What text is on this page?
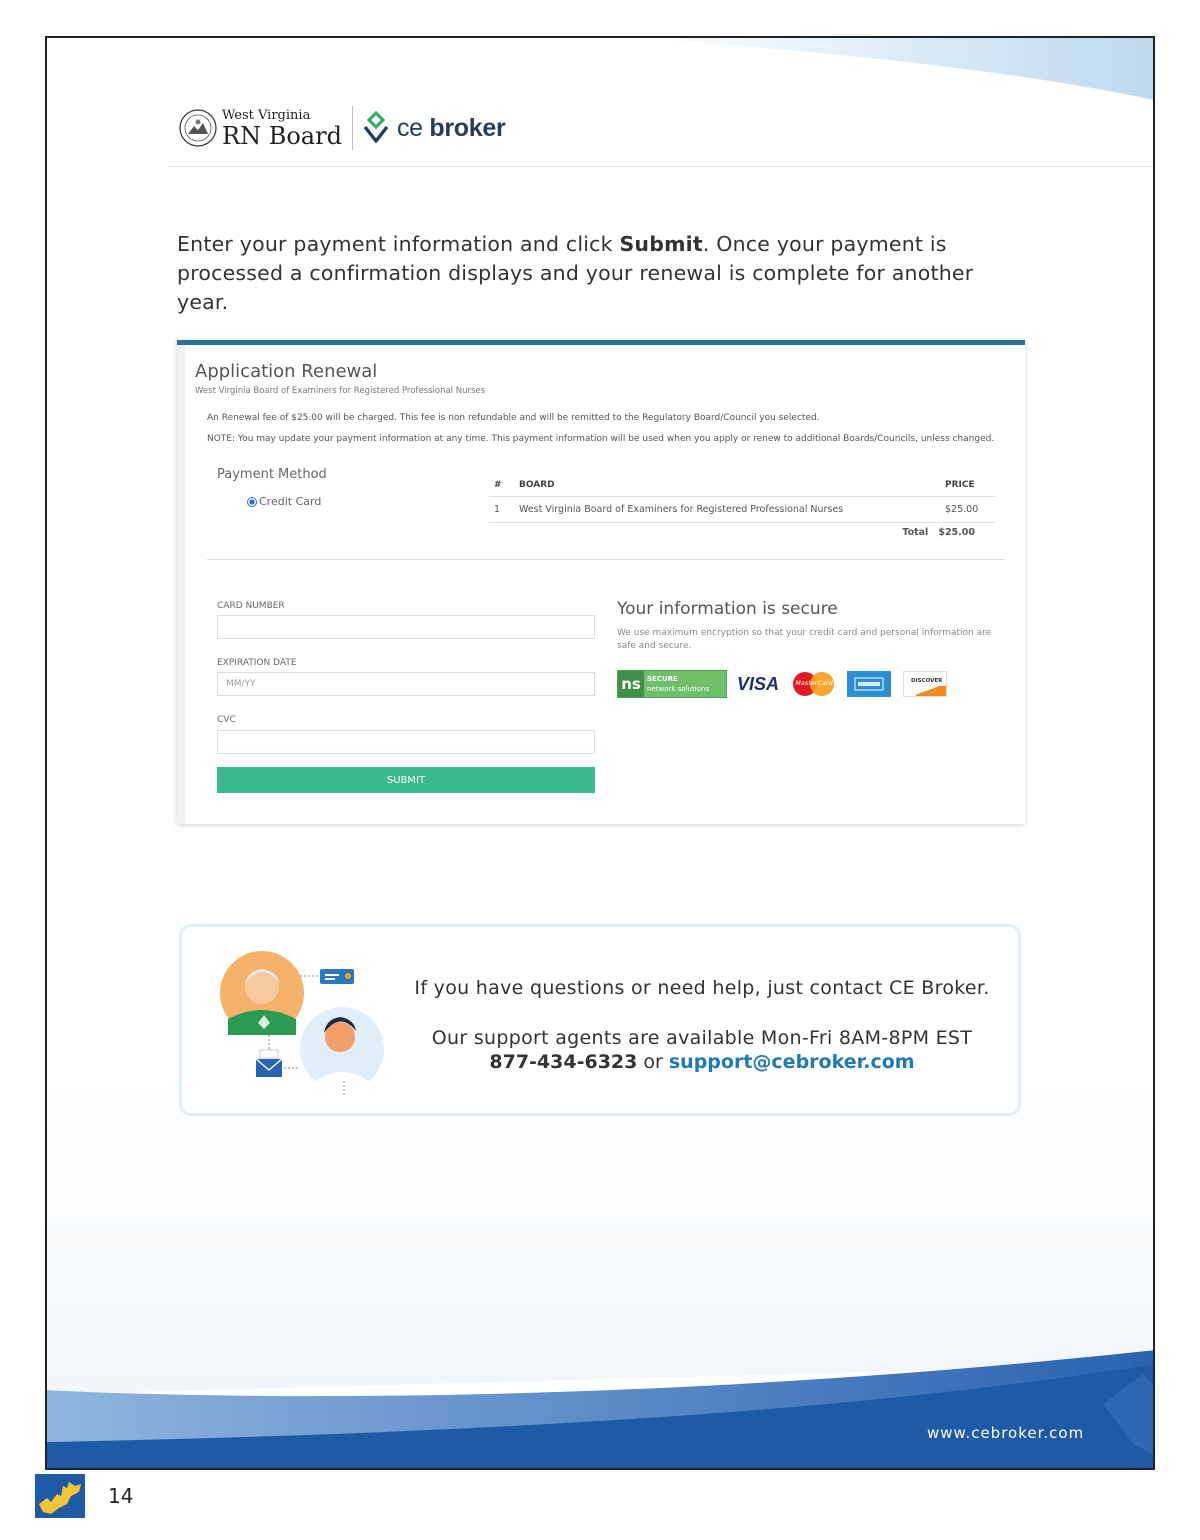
Enter your payment information and click Submit. Once your payment is processed a confirmation displays and your renewal is complete for another year.
Application Renewal
West Virginia Board of Examiners for Registered Professional Nurses
An Renewal fee of $25.00 will be charged. This fee is non refundable and will be remitted to the Regulatory Board/Council you selected.
NOTE: You may update your payment information at any time. This payment information will be used when you apply or renew to additional Boards/Councils, unless changed.
Payment Method
Credit Card
#	BOARD	PRICE
1	West Virginia Board of Examiners for Registered Professional Nurses	$25.00
Total $25.00
CARD NUMBER
EXPIRATION DATE
MM/YY
CVC
SUBMIT
Your information is secure
We use maximum encryption so that your credit card and personal information are safe and secure.
ns SECURE
network solutions	VISA	MasterCard	DISCOVER
If you have questions or need help, just contact CE Broker.
Our support agents are available Mon-Fri 8AM-8PM EST
877-434-6323 or support@cebroker.com
www.cebroker.com
West Virginia
RN Board ce broker
14
